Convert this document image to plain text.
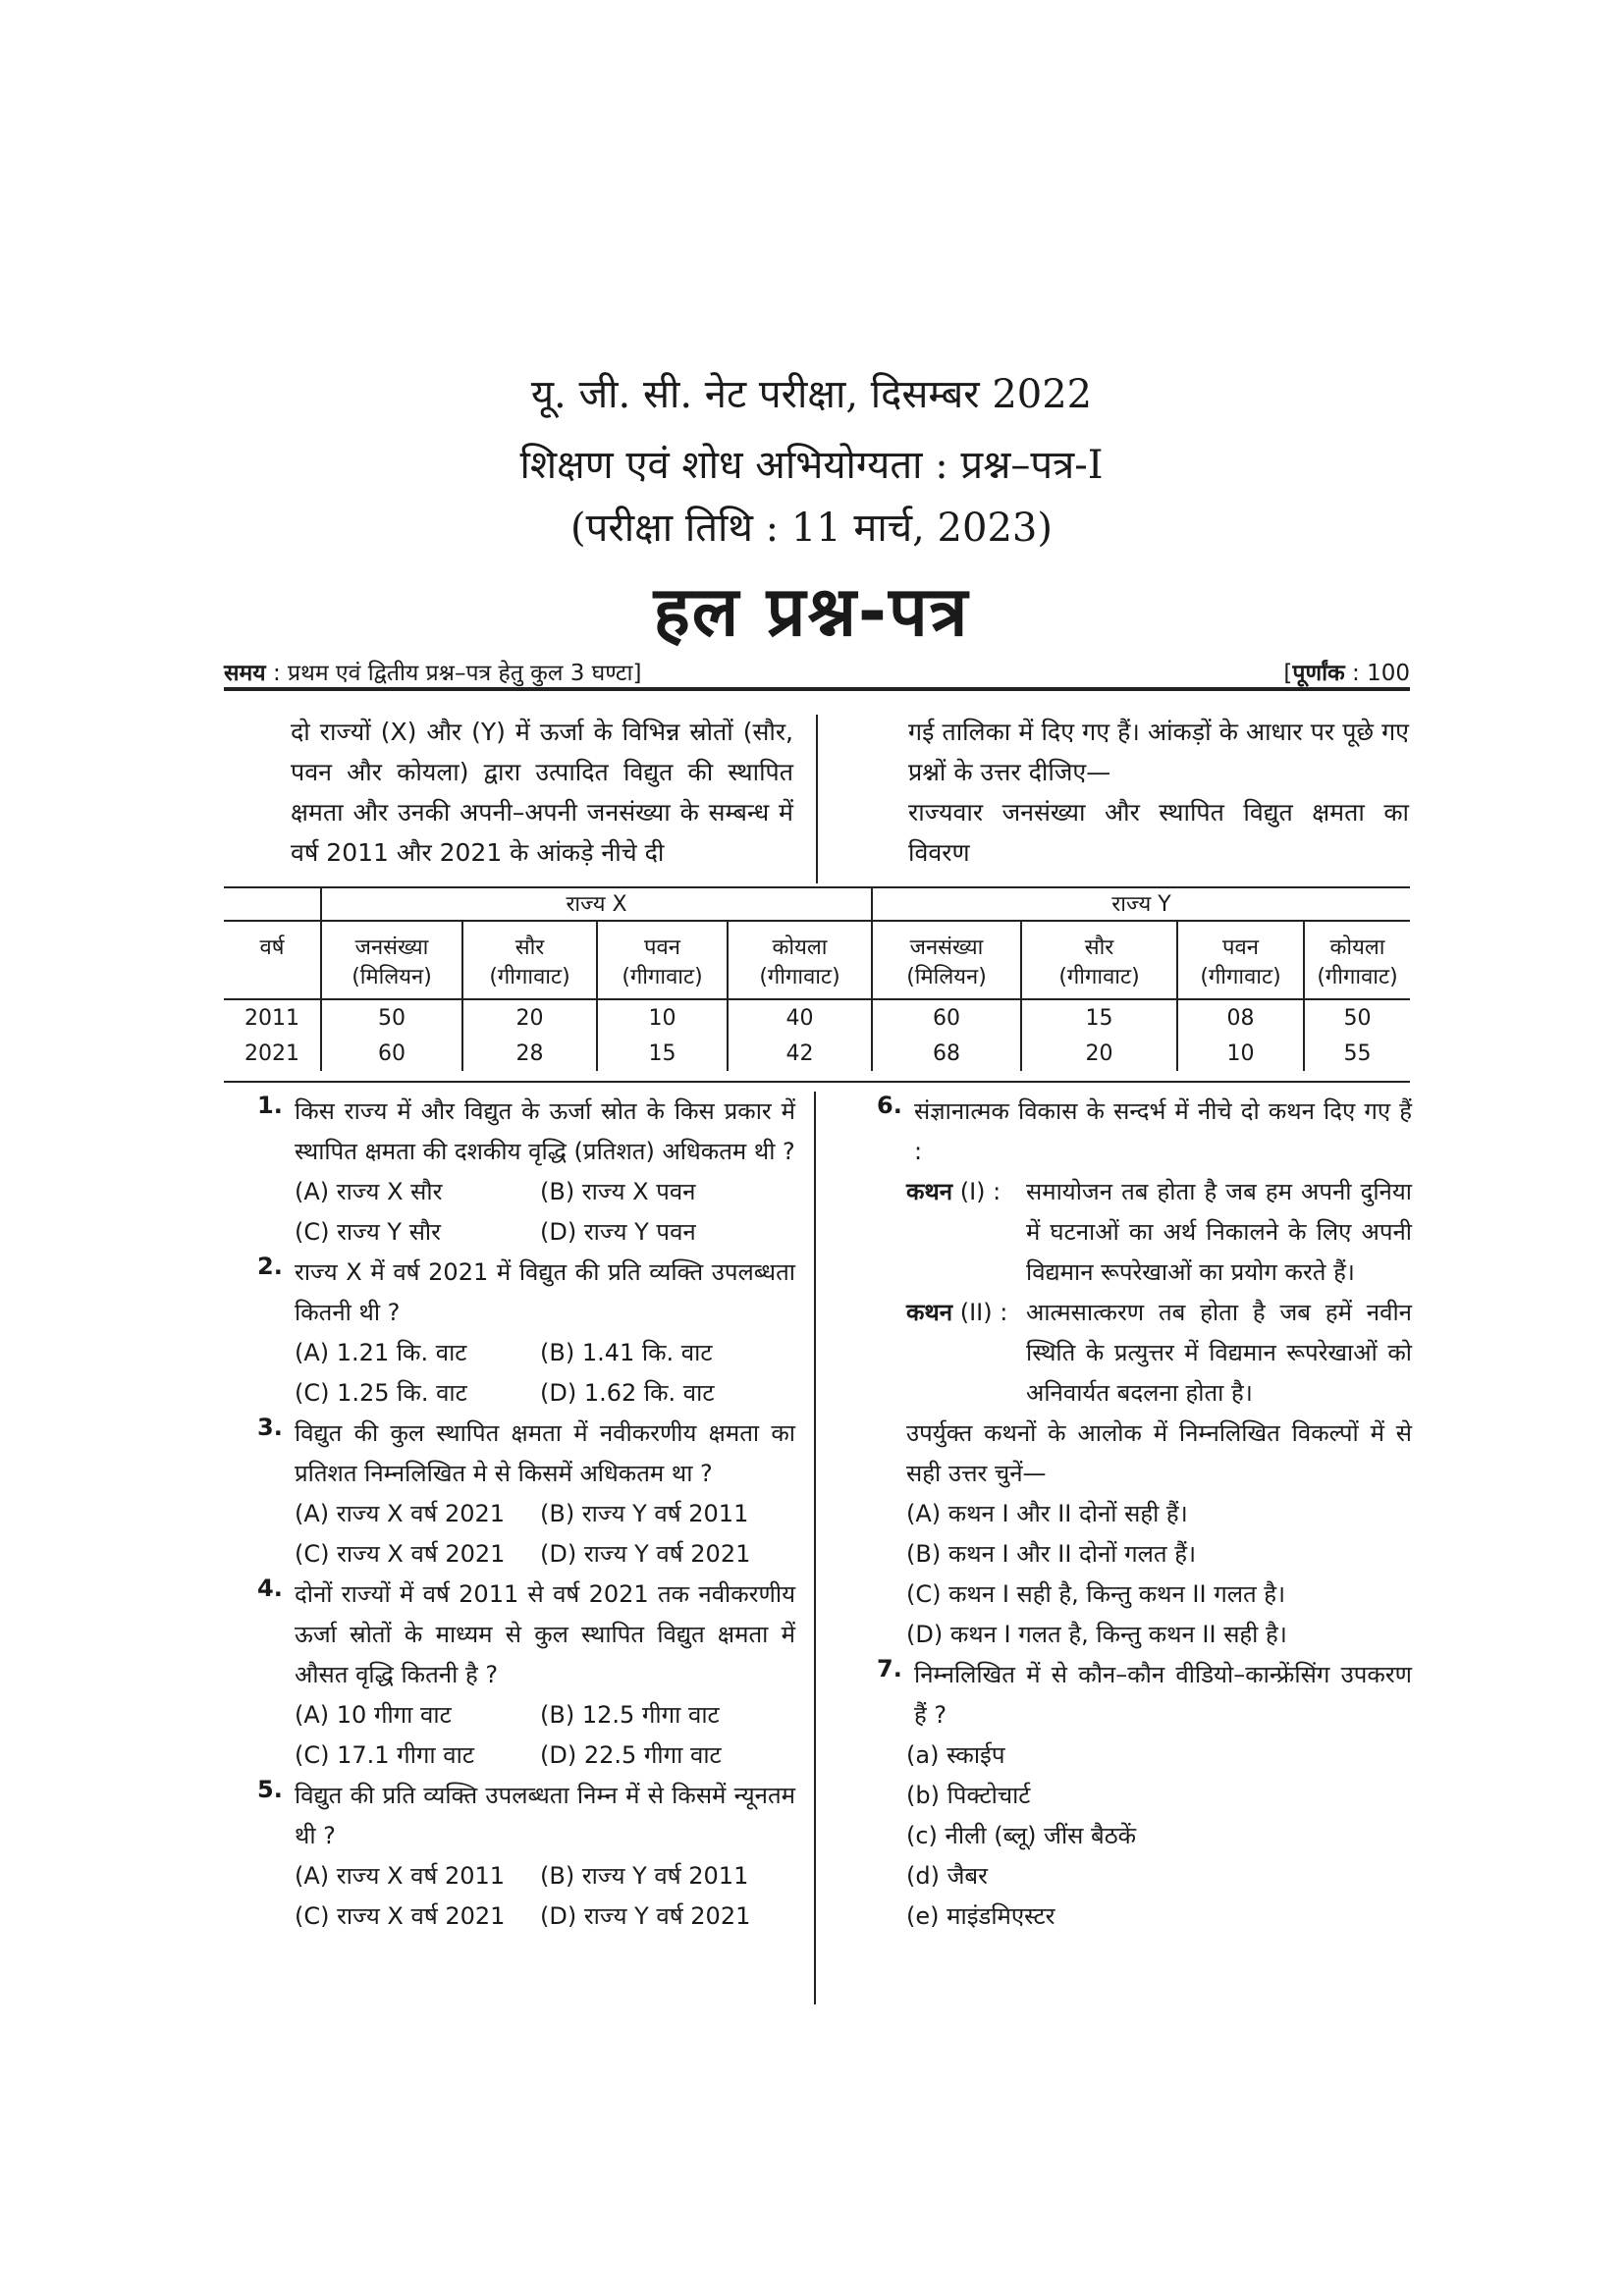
यू. जी. सी. नेट परीक्षा, दिसम्बर 2022
शिक्षण एवं शोध अभियोग्यता : प्रश्न–पत्र-I
(परीक्षा तिथि : 11 मार्च, 2023)
हल प्रश्न-पत्र
समय : प्रथम एवं द्वितीय प्रश्न–पत्र हेतु कुल 3 घण्टा]	[पूर्णांक : 100
दो राज्यों (X) और (Y) में ऊर्जा के विभिन्न स्रोतों (सौर, पवन और कोयला) द्वारा उत्पादित विद्युत की स्थापित क्षमता और उनकी अपनी–अपनी जनसंख्या के सम्बन्ध में वर्ष 2011 और 2021 के आंकड़े नीचे दी

गई तालिका में दिए गए हैं। आंकड़ों के आधार पर पूछे गए प्रश्नों के उत्तर दीजिए—

राज्यवार जनसंख्या और स्थापित विद्युत क्षमता का विवरण

	राज्य X				राज्य Y			
वर्ष	जनसंख्या	सौर	पवन	कोयला	जनसंख्या	सौर	पवन	कोयला
	(मिलियन)	(गीगावाट)	(गीगावाट)	(गीगावाट)	(मिलियन)	(गीगावाट)	(गीगावाट)	(गीगावाट)
2011	50	20	10	40	60	15	08	50
2021	60	28	15	42	68	20	10	55
1. किस राज्य में और विद्युत के ऊर्जा स्रोत के किस प्रकार में स्थापित क्षमता की दशकीय वृद्धि (प्रतिशत) अधिकतम थी ?
(A) राज्य X सौर	(B) राज्य X पवन
(C) राज्य Y सौर	(D) राज्य Y पवन
2. राज्य X में वर्ष 2021 में विद्युत की प्रति व्यक्ति उपलब्धता कितनी थी ?
(A) 1.21 कि. वाट	(B) 1.41 कि. वाट
(C) 1.25 कि. वाट	(D) 1.62 कि. वाट
3. विद्युत की कुल स्थापित क्षमता में नवीकरणीय क्षमता का प्रतिशत निम्नलिखित मे से किसमें अधिकतम था ?
(A) राज्य X वर्ष 2021	(B) राज्य Y वर्ष 2011
(C) राज्य X वर्ष 2021	(D) राज्य Y वर्ष 2021
4. दोनों राज्यों में वर्ष 2011 से वर्ष 2021 तक नवीकरणीय ऊर्जा स्रोतों के माध्यम से कुल स्थापित विद्युत क्षमता में औसत वृद्धि कितनी है ?
(A) 10 गीगा वाट	(B) 12.5 गीगा वाट
(C) 17.1 गीगा वाट	(D) 22.5 गीगा वाट
5. विद्युत की प्रति व्यक्ति उपलब्धता निम्न में से किसमें न्यूनतम थी ?
(A) राज्य X वर्ष 2011	(B) राज्य Y वर्ष 2011
(C) राज्य X वर्ष 2021	(D) राज्य Y वर्ष 2021
6. संज्ञानात्मक विकास के सन्दर्भ में नीचे दो कथन दिए गए हैं :
कथन (I) : समायोजन तब होता है जब हम अपनी दुनिया में घटनाओं का अर्थ निकालने के लिए अपनी विद्यमान रूपरेखाओं का प्रयोग करते हैं।
कथन (II) : आत्मसात्करण तब होता है जब हमें नवीन स्थिति के प्रत्युत्तर में विद्यमान रूपरेखाओं को अनिवार्यत बदलना होता है।
उपर्युक्त कथनों के आलोक में निम्नलिखित विकल्पों में से सही उत्तर चुनें—
(A) कथन I और II दोनों सही हैं।
(B) कथन I और II दोनों गलत हैं।
(C) कथन I सही है, किन्तु कथन II गलत है।
(D) कथन I गलत है, किन्तु कथन II सही है।
7. निम्नलिखित में से कौन–कौन वीडियो–कान्फ्रेंसिंग उपकरण हैं ?
(a) स्काईप
(b) पिक्टोचार्ट
(c) नीली (ब्लू) जींस बैठकें
(d) जैबर
(e) माइंडमिएस्टर
